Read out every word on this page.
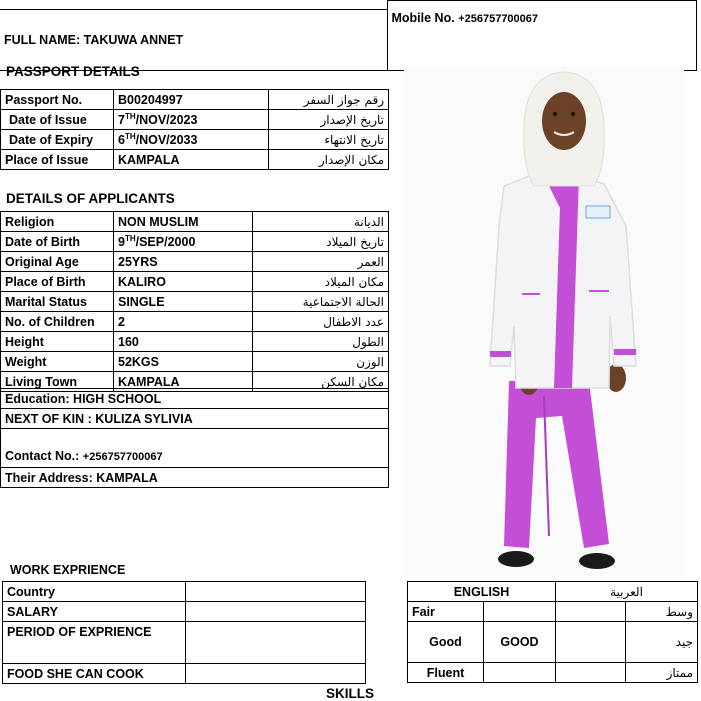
	Mobile No. +256757700067
FULL NAME: TAKUWA ANNET
PASSPORT DETAILS
Passport No.	B00204997	رقم جواز السفر
Date of Issue	7TH/NOV/2023	تاريخ الإصدار
Date of Expiry	6TH/NOV/2033	تاريخ الانتهاء
Place of Issue	KAMPALA	مكان الإصدار
DETAILS OF APPLICANTS
Religion	NON MUSLIM	الديانة
Date of Birth	9TH/SEP/2000	تاريخ الميلاد
Original Age	25YRS	العمر
Place of Birth	KALIRO	مكان الميلاد
Marital Status	SINGLE	الحالة الاجتماعية
No. of Children	2	عدد الاطفال
Height	160	الطول
Weight	52KGS	الوزن
Living Town	KAMPALA	مكان السكن
Education: HIGH SCHOOL
NEXT OF KIN : KULIZA SYLIVIA
Contact No.: +256757700067
Their Address: KAMPALA
WORK EXPRIENCE
Country	
SALARY	
PERIOD OF EXPRIENCE	
FOOD SHE CAN COOK	
ENGLISH		العربية	
Fair			وسط
Good	GOOD		جيد
Fluent			ممتاز
SKILLS
